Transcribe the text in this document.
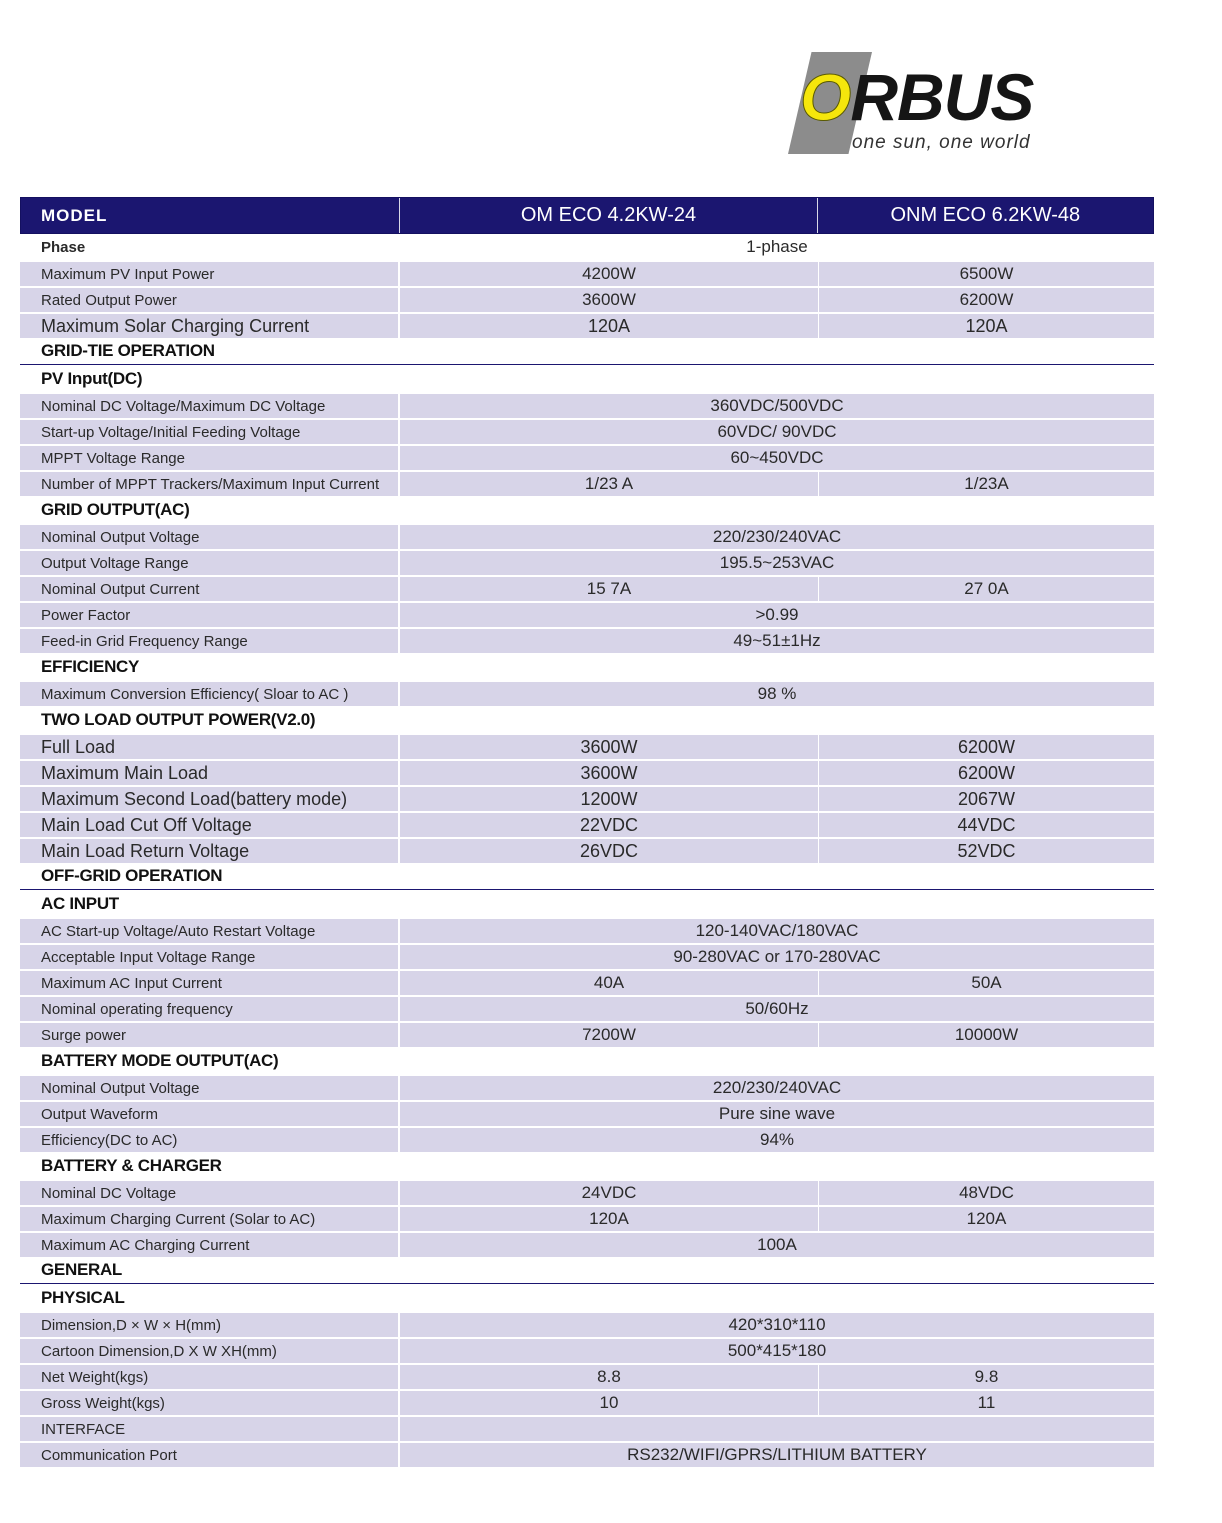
ORBUS
one sun, one world
MODEL	OM ECO 4.2KW-24	ONM ECO 6.2KW-48
Phase	1-phase
Maximum PV Input Power	4200W	6500W
Rated Output Power	3600W	6200W
Maximum Solar Charging Current	120A	120A
GRID-TIE OPERATION
PV Input(DC)
Nominal DC Voltage/Maximum DC Voltage	360VDC/500VDC
Start-up Voltage/Initial Feeding Voltage	60VDC/ 90VDC
MPPT Voltage Range	60~450VDC
Number of MPPT Trackers/Maximum Input Current	1/23 A	1/23A
GRID OUTPUT(AC)
Nominal Output Voltage	220/230/240VAC
Output Voltage Range	195.5~253VAC
Nominal Output Current	15 7A	27 0A
Power Factor	>0.99
Feed-in Grid Frequency Range	49~51±1Hz
EFFICIENCY
Maximum Conversion Efficiency( Sloar to AC )	98 %
TWO LOAD OUTPUT POWER(V2.0)
Full Load	3600W	6200W
Maximum Main Load	3600W	6200W
Maximum Second Load(battery mode)	1200W	2067W
Main Load Cut Off Voltage	22VDC	44VDC
Main Load Return Voltage	26VDC	52VDC
OFF-GRID OPERATION
AC INPUT
AC Start-up Voltage/Auto Restart Voltage	120-140VAC/180VAC
Acceptable Input Voltage Range	90-280VAC or 170-280VAC
Maximum AC Input Current	40A	50A
Nominal operating frequency	50/60Hz
Surge power	7200W	10000W
BATTERY MODE OUTPUT(AC)
Nominal Output Voltage	220/230/240VAC
Output Waveform	Pure sine wave
Efficiency(DC to AC)	94%
BATTERY & CHARGER
Nominal DC Voltage	24VDC	48VDC
Maximum Charging Current (Solar to AC)	120A	120A
Maximum AC Charging Current	100A
GENERAL
PHYSICAL
Dimension,D × W × H(mm)	420*310*110
Cartoon Dimension,D X W XH(mm)	500*415*180
Net Weight(kgs)	8.8	9.8
Gross Weight(kgs)	10	11
INTERFACE
Communication Port	RS232/WIFI/GPRS/LITHIUM BATTERY
